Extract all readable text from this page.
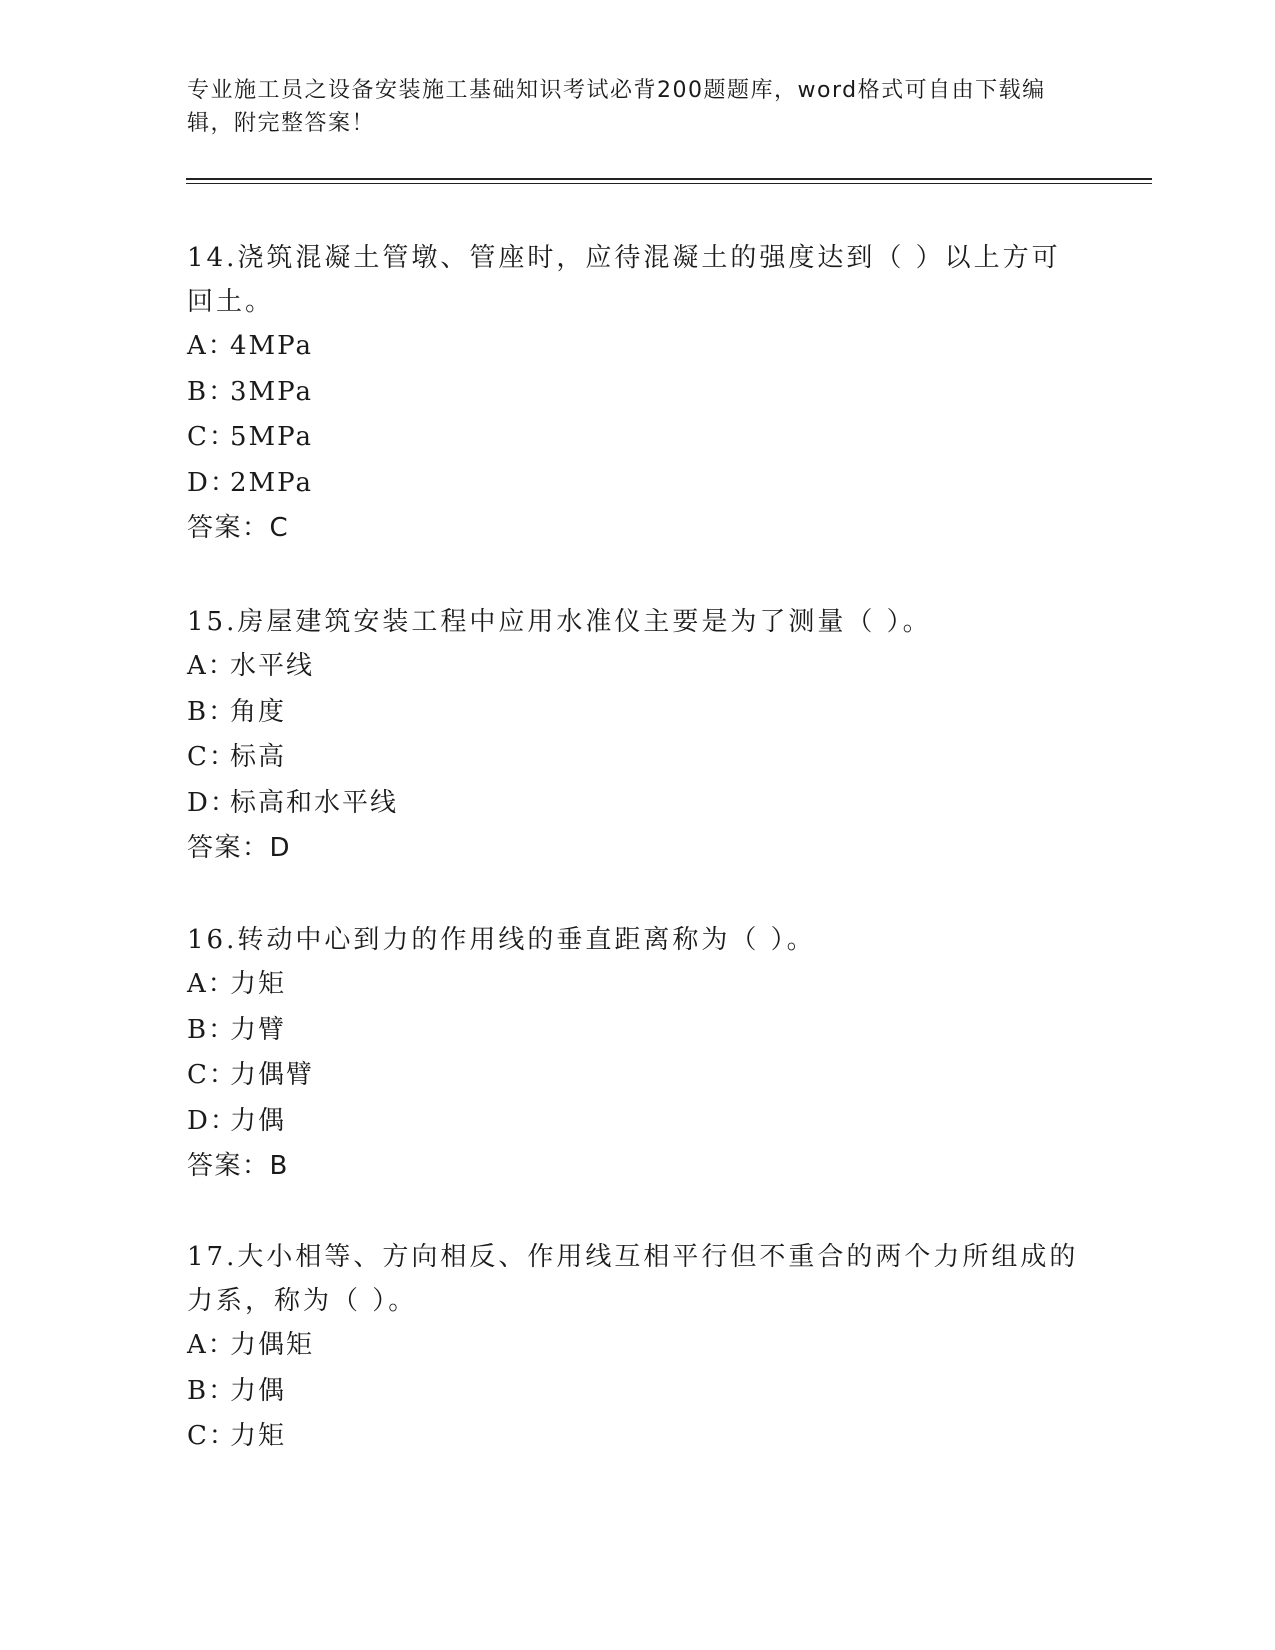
专业施工员之设备安装施工基础知识考试必背200题题库，word格式可自由下载编辑，附完整答案！

14.浇筑混凝土管墩、管座时，应待混凝土的强度达到（ ）以上方可回土。

A：
4MPa

B：
3MPa

C：
5MPa

D：
2MPa

答案：C

15.房屋建筑安装工程中应用水准仪主要是为了测量（ ）。

A：
水平线

B：
角度

C：
标高

D：
标高和水平线

答案：D

16.转动中心到力的作用线的垂直距离称为（ ）。

A：
力矩

B：
力臂

C：
力偶臂

D：
力偶

答案：B

17.大小相等、方向相反、作用线互相平行但不重合的两个力所组成的力系，称为（ ）。

A：
力偶矩

B：
力偶

C：
力矩
